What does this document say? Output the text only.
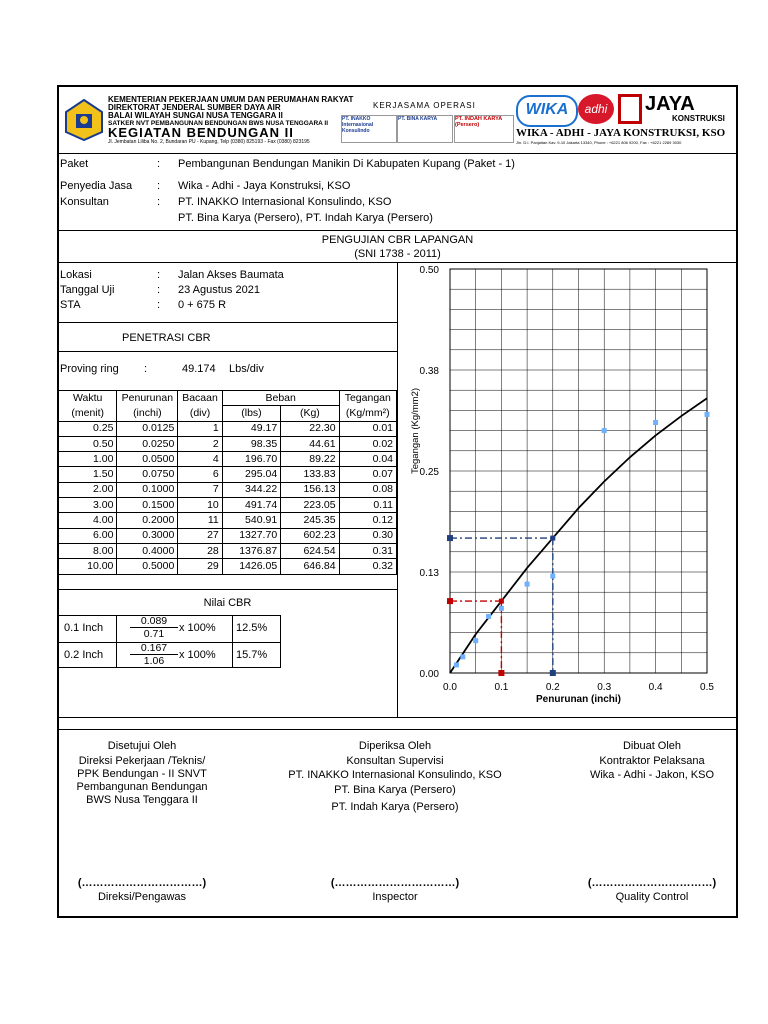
KEMENTERIAN PEKERJAAN UMUM DAN PERUMAHAN RAKYAT
DIREKTORAT JENDERAL SUMBER DAYA AIR
BALAI WILAYAH SUNGAI NUSA TENGGARA II
SATKER NVT PEMBANGUNAN BENDUNGAN BWS NUSA TENGGARA II
KEGIATAN BENDUNGAN II
Jl. Jembatan Liliba No. 2, Bundaran PU - Kupang, Telp (0380) 825193 - Fax (0380) 823195
KERJASAMA OPERASI
PT. INAKKO Internasional Konsulindo
PT. BINA KARYA	PT. INDAH KARYA (Persero)
WIKA	adhi	JAYA
KONSTRUKSI
WIKA - ADHI - JAYA KONSTRUKSI, KSO
Jln. D.I. Panjaitan Kav. 9-10 Jakarta 13340, Phone : +6221 806 9200, Fax : +6221 2289 3030
Paket	: Pembangunan Bendungan Manikin Di Kabupaten Kupang (Paket - 1)
Penyedia Jasa : Wika - Adhi - Jaya Konstruksi, KSO
Konsultan	: PT. INAKKO Internasional Konsulindo, KSO
PT. Bina Karya (Persero), PT. Indah Karya (Persero)
PENGUJIAN CBR LAPANGAN
(SNI 1738 - 2011)
Lokasi	: Jalan Akses Baumata
Tanggal Uji	: 23 Agustus 2021
STA	: 0 + 675 R
PENETRASI CBR
Proving ring :	49.174 Lbs/div
Waktu	Penurunan	Bacaan	Beban		Tegangan
(menit)	(inchi)	(div)	(lbs)	(Kg)	(Kg/mm²)
0.25	0.0125	1	49.17	22.30	0.01
0.50	0.0250	2	98.35	44.61	0.02
1.00	0.0500	4	196.70	89.22	0.04
1.50	0.0750	6	295.04	133.83	0.07
2.00	0.1000	7	344.22	156.13	0.08
3.00	0.1500	10	491.74	223.05	0.11
4.00	0.2000	11	540.91	245.35	0.12
6.00	0.3000	27	1327.70	602.23	0.30
8.00	0.4000	28	1376.87	624.54	0.31
10.00	0.5000	29	1426.05	646.84	0.32
Nilai CBR
0.1 Inch	$\frac{0.089}{0.71}$ x 100% 12.5%
0.2 Inch	$\frac{0.167}{1.06}$ x 100% 15.7%
0.0	0.1	0.2	0.3	0.4	0.5
0.00
0.13
0.25
0.38
0.50
Penurunan (inchi)
Tegangan (Kg/mm2)
Disetujui Oleh
Direksi Pekerjaan /Teknis/
PPK Bendungan - II SNVT
Pembangunan Bendungan
BWS Nusa Tenggara II
Diperiksa Oleh
Konsultan Supervisi
PT. INAKKO Internasional Konsulindo, KSO
PT. Bina Karya (Persero)
PT. Indah Karya (Persero)
Dibuat Oleh
Kontraktor Pelaksana
Wika - Adhi - Jakon, KSO
(……………………………)	(……………………………)	(……………………………)
Direksi/Pengawas	Inspector	Quality Control
